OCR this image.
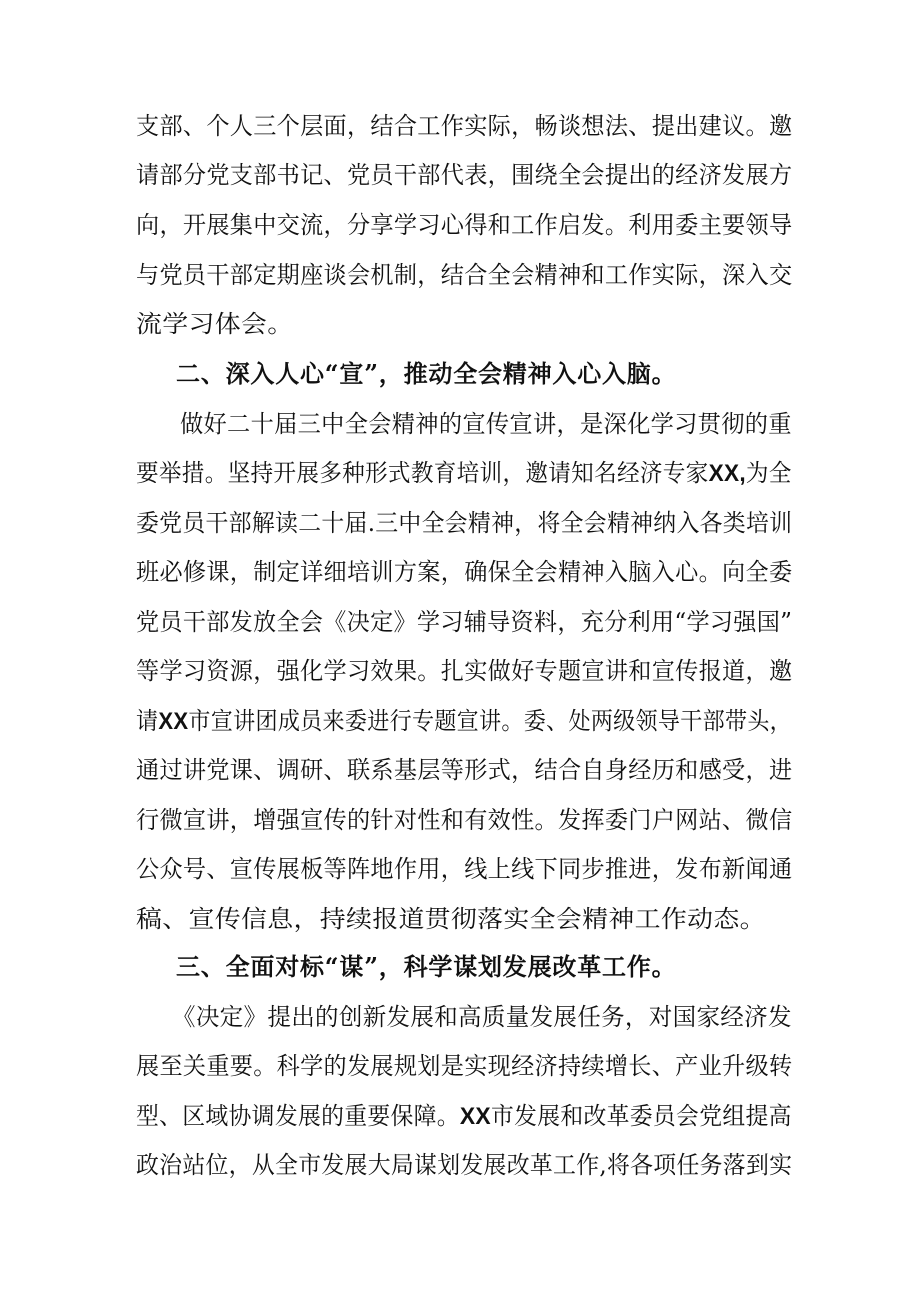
支部、个人三个层面，结合工作实际，畅谈想法、提出建议。邀
请部分党支部书记、党员干部代表，围绕全会提出的经济发展方
向，开展集中交流，分享学习心得和工作启发。利用委主要领导
与党员干部定期座谈会机制，结合全会精神和工作实际，深入交
流学习体会。
二、深入人心“宣”，推动全会精神入心入脑。
做好二十届三中全会精神的宣传宣讲，是深化学习贯彻的重
要举措。坚持开展多种形式教育培训，邀请知名经济专家XX,为全
委党员干部解读二十届.三中全会精神，将全会精神纳入各类培训
班必修课，制定详细培训方案，确保全会精神入脑入心。向全委
党员干部发放全会《决定》学习辅导资料，充分利用“学习强国”
等学习资源，强化学习效果。扎实做好专题宣讲和宣传报道，邀
请XX市宣讲团成员来委进行专题宣讲。委、处两级领导干部带头，
通过讲党课、调研、联系基层等形式，结合自身经历和感受，进
行微宣讲，增强宣传的针对性和有效性。发挥委门户网站、微信
公众号、宣传展板等阵地作用，线上线下同步推进，发布新闻通
稿、宣传信息，持续报道贯彻落实全会精神工作动态。
三、全面对标“谋”，科学谋划发展改革工作。
《决定》提出的创新发展和高质量发展任务，对国家经济发
展至关重要。科学的发展规划是实现经济持续增长、产业升级转
型、区域协调发展的重要保障。XX市发展和改革委员会党组提高
政治站位，从全市发展大局谋划发展改革工作,将各项任务落到实
